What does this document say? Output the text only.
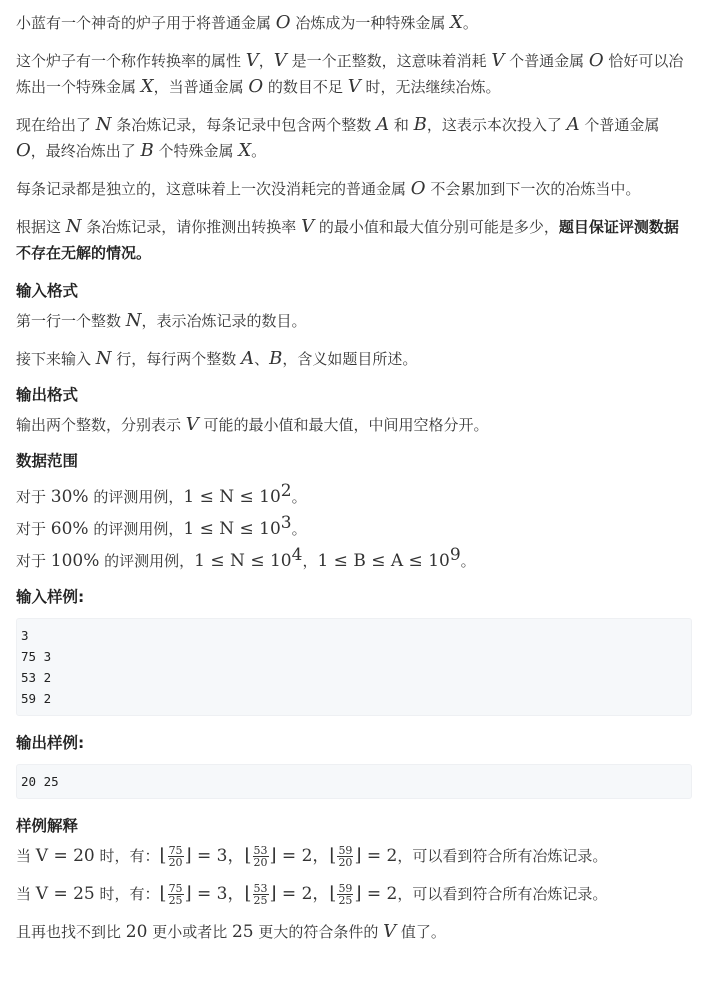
小蓝有一个神奇的炉子用于将普通金属 O 冶炼成为一种特殊金属 X。

这个炉子有一个称作转换率的属性 V，V 是一个正整数，这意味着消耗 V 个普通金属 O 恰好可以冶炼出一个特殊金属 X，当普通金属 O 的数目不足 V 时，无法继续冶炼。

现在给出了 N 条冶炼记录，每条记录中包含两个整数 A 和 B，这表示本次投入了 A 个普通金属 O，最终冶炼出了 B 个特殊金属 X。

每条记录都是独立的，这意味着上一次没消耗完的普通金属 O 不会累加到下一次的冶炼当中。

根据这 N 条冶炼记录，请你推测出转换率 V 的最小值和最大值分别可能是多少，题目保证评测数据不存在无解的情况。

输入格式

第一行一个整数 N，表示冶炼记录的数目。

接下来输入 N 行，每行两个整数 A、B，含义如题目所述。

输出格式

输出两个整数，分别表示 V 可能的最小值和最大值，中间用空格分开。

数据范围

对于 30% 的评测用例，$1 \le N \le 10^2$。

对于 60% 的评测用例，$1 \le N \le 10^3$。

对于 100% 的评测用例，$1 \le N \le 10^4$，$1 \le B \le A \le 10^9$。

输入样例:
3
75 3
53 2
59 2
输出样例:
20 25
样例解释

当 V = 20 时，有：⌊ $\frac{75}{20}$ ⌋ = 3，⌊ $\frac{53}{20}$ ⌋ = 2，⌊ $\frac{59}{20}$ ⌋ = 2，可以看到符合所有冶炼记录。

当 V = 25 时，有：⌊ $\frac{75}{25}$ ⌋ = 3，⌊ $\frac{53}{25}$ ⌋ = 2，⌊ $\frac{59}{25}$ ⌋ = 2，可以看到符合所有冶炼记录。

且再也找不到比 20 更小或者比 25 更大的符合条件的 V 值了。
